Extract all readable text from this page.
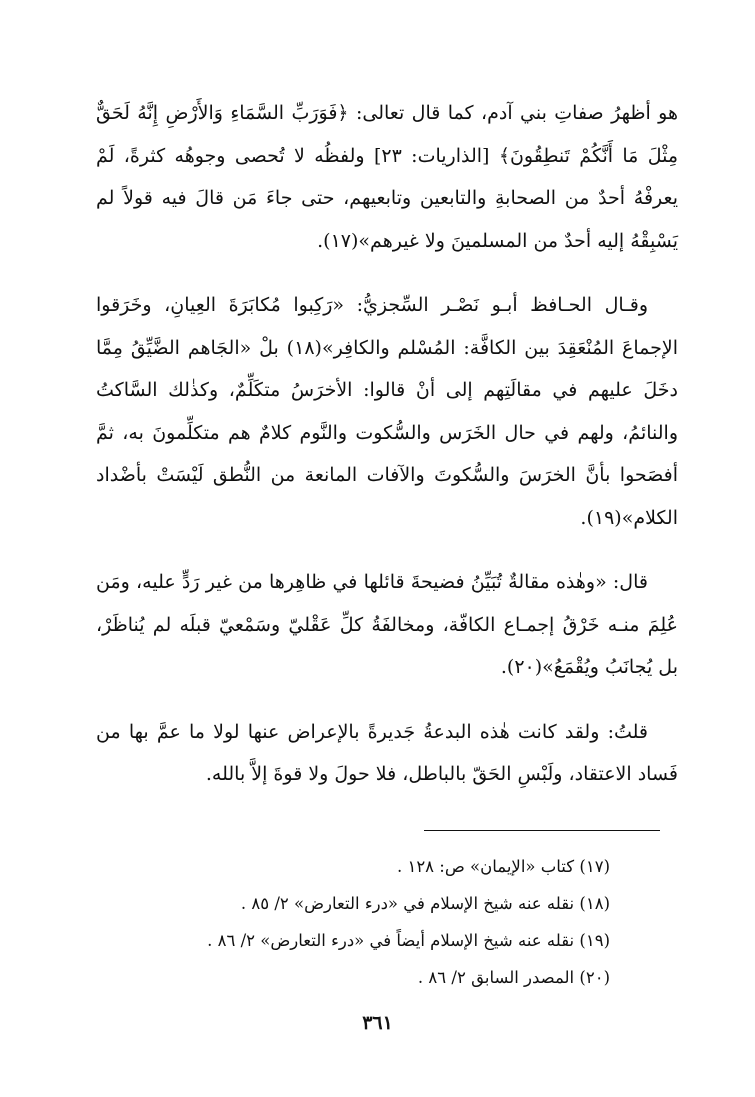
هو أظهرُ صفاتِ بني آدم، كما قال تعالى: ﴿فَوَرَبِّ السَّمَاءِ وَالأَرْضِ إِنَّهُ لَحَقٌّ مِثْلَ مَا أَنَّكُمْ تَنطِقُونَ﴾ [الذاريات: ٢٣] ولفظُه لا تُحصى وجوهُه كثرةً، لَمْ يعرفْهُ أحدٌ من الصحابةِ والتابعين وتابعيهم، حتى جاءَ مَن قالَ فيه قولاً لم يَسْبِقْهُ إليه أحدٌ من المسلمينَ ولا غيرهم»(١٧).

وقـال الحـافظ أبـو نَصْـر السِّجزيُّ: «رَكِبوا مُكابَرَةَ العِيانِ، وخَرَقوا الإجماعَ المُنْعَقِدَ بين الكافَّة: المُسْلم والكافِر»(١٨) بلْ «الجَاهم الضَّيِّقُ مِمَّا دخَلَ عليهم في مقالَتِهم إلى أنْ قالوا: الأخرَسُ متكَلِّمٌ، وكذٰلك السَّاكتُ والنائمُ، ولهم في حال الخَرَس والسُّكوت والنَّوم كلامٌ هم متكلِّمونَ به، ثمَّ أفصَحوا بأنَّ الخرَسَ والسُّكوتَ والآفات المانعة من النُّطق لَيْسَتْ بأضْداد الكلام»(١٩).

قال: «وهٰذه مقالةٌ تُبَيِّنُ فضيحةَ قائلها في ظاهِرها من غير رَدٍّ عليه، ومَن عُلِمَ منـه خَرْقُ إجمـاع الكافّة، ومخالفَةُ كلِّ عَقْليّ وسَمْعيّ قبلَه لم يُناظَرْ، بل يُجانَبُ ويُقْمَعُ»(٢٠).

قلتُ: ولقد كانت هٰذه البدعةُ جَديرةً بالإعراض عنها لولا ما عمَّ بها من فَساد الاعتقاد، ولَبْسِ الحَقّ بالباطل، فلا حولَ ولا قوةَ إلاَّ بالله.

(١٧) كتاب «الإيمان» ص: ١٢٨ .
(١٨) نقله عنه شيخ الإسلام في «درء التعارض» ٢/ ٨٥ .
(١٩) نقله عنه شيخ الإسلام أيضاً في «درء التعارض» ٢/ ٨٦ .
(٢٠) المصدر السابق ٢/ ٨٦ .
٣٦١
